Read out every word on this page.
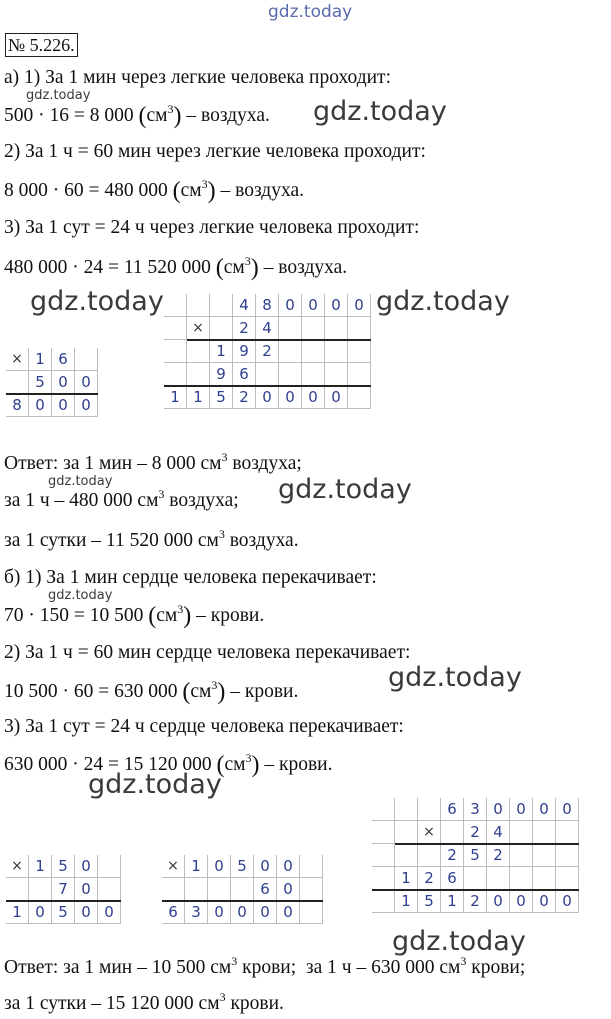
gdz.today
№ 5.226.
а) 1) За 1 мин через легкие человека проходит:
gdz.today
500 · 16 = 8 000 $(см^3)$ – воздуха. gdz.today
2) За 1 ч = 60 мин через легкие человека проходит:
8 000 · 60 = 480 000 $(см^3)$ – воздуха.
3) За 1 сут = 24 ч через легкие человека проходит:
480 000 · 24 = 11 520 000 $(см^3)$ – воздуха.
gdz.today	gdz.today
× 1 6
5 0 0
8 0 0 0
4 8 0 0 0 0
×	2 4
1 9 2
9 6
1 1 5 2 0 0 0 0
Ответ: за 1 мин – 8 000 $см^3$ воздуха;
gdz.today
за 1 ч – 480 000 $см^3$ воздуха; gdz.today
за 1 сутки – 11 520 000 $см^3$ воздуха.
б) 1) За 1 мин сердце человека перекачивает:
gdz.today
70 · 150 = 10 500 $(см^3)$ – крови.
2) За 1 ч = 60 мин сердце человека перекачивает:
10 500 · 60 = 630 000 $(см^3)$ – крови.	gdz.today
3) За 1 сут = 24 ч сердце человека перекачивает:
630 000 · 24 = 15 120 000 $(см^3)$ – крови.
gdz.today
× 1 5 0
7 0
1 0 5 0 0
× 1 0 5 0 0
6 0
6 3 0 0 0 0
6 3 0 0 0 0
×	2 4
2 5 2
1 2 6
1 5 1 2 0 0 0 0
gdz.today
Ответ: за 1 мин – 10 500 $см^3$ крови; за 1 ч – 630 000 $см^3$ крови;
за 1 сутки – 15 120 000 $см^3$ крови.
